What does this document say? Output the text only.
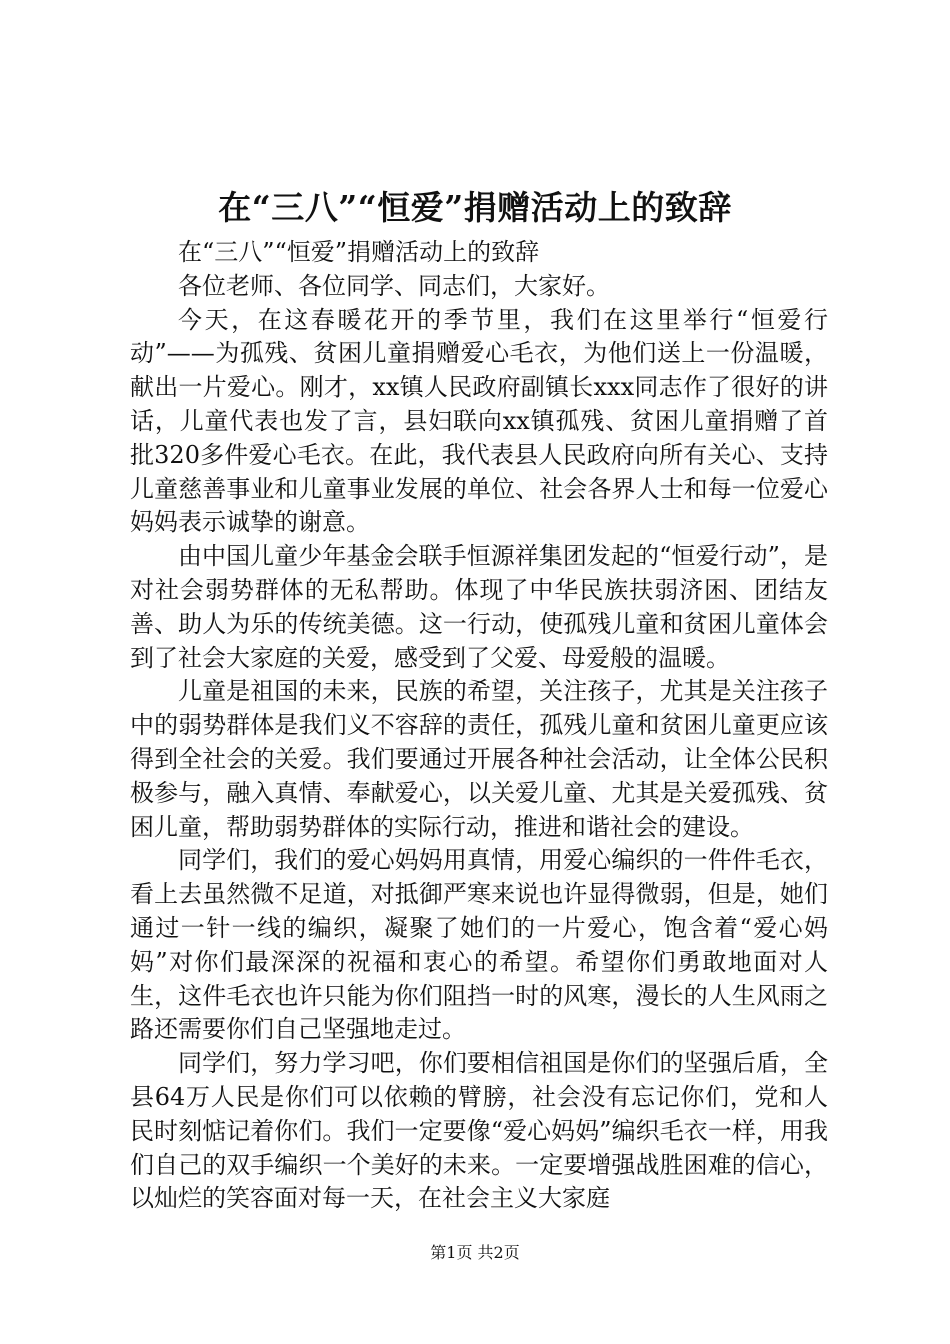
在“三八”“恒爱”捐赠活动上的致辞

在“三八”“恒爱”捐赠活动上的致辞

各位老师、各位同学、同志们，大家好。

今天，在这春暖花开的季节里，我们在这里举行“恒爱行动”——为孤残、贫困儿童捐赠爱心毛衣，为他们送上一份温暖，献出一片爱心。刚才，xx镇人民政府副镇长xxx同志作了很好的讲话，儿童代表也发了言，县妇联向xx镇孤残、贫困儿童捐赠了首批320多件爱心毛衣。在此，我代表县人民政府向所有关心、支持儿童慈善事业和儿童事业发展的单位、社会各界人士和每一位爱心妈妈表示诚挚的谢意。

由中国儿童少年基金会联手恒源祥集团发起的“恒爱行动”，是对社会弱势群体的无私帮助。体现了中华民族扶弱济困、团结友善、助人为乐的传统美德。这一行动，使孤残儿童和贫困儿童体会到了社会大家庭的关爱，感受到了父爱、母爱般的温暖。

儿童是祖国的未来，民族的希望，关注孩子，尤其是关注孩子中的弱势群体是我们义不容辞的责任，孤残儿童和贫困儿童更应该得到全社会的关爱。我们要通过开展各种社会活动，让全体公民积极参与，融入真情、奉献爱心，以关爱儿童、尤其是关爱孤残、贫困儿童，帮助弱势群体的实际行动，推进和谐社会的建设。

同学们，我们的爱心妈妈用真情，用爱心编织的一件件毛衣，看上去虽然微不足道，对抵御严寒来说也许显得微弱，但是，她们通过一针一线的编织，凝聚了她们的一片爱心，饱含着“爱心妈妈”对你们最深深的祝福和衷心的希望。希望你们勇敢地面对人生，这件毛衣也许只能为你们阻挡一时的风寒，漫长的人生风雨之路还需要你们自己坚强地走过。

同学们，努力学习吧，你们要相信祖国是你们的坚强后盾，全县64万人民是你们可以依赖的臂膀，社会没有忘记你们，党和人民时刻惦记着你们。我们一定要像“爱心妈妈”编织毛衣一样，用我们自己的双手编织一个美好的未来。一定要增强战胜困难的信心，以灿烂的笑容面对每一天，在社会主义大家庭

第1页 共2页
